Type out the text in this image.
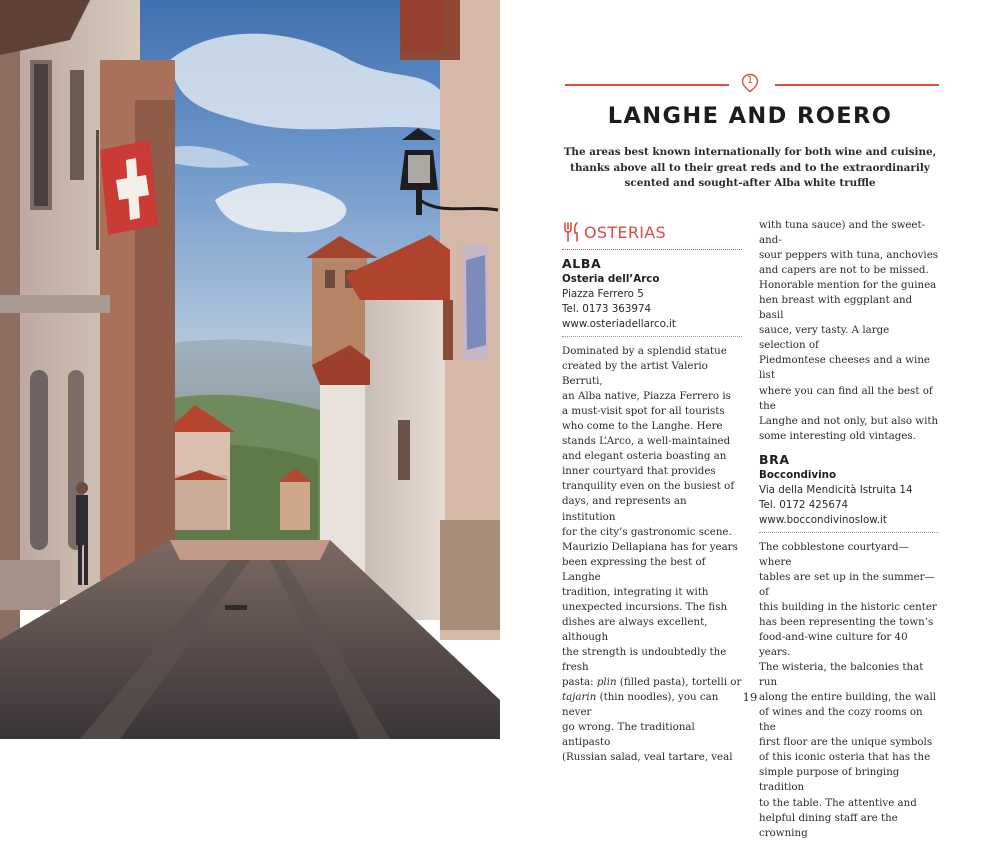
1
LANGHE AND ROERO

The areas best known internationally for both wine and cuisine, thanks above all to their great reds and to the extraordinarily scented and sought-after Alba white truffle

OSTERIAS

ALBA

Osteria dell’Arco

Piazza Ferrero 5

Tel. 0173 363974

www.osteriadellarco.it

Dominated by a splendid statue

created by the artist Valerio Berruti,

an Alba native, Piazza Ferrero is

a must-visit spot for all tourists

who come to the Langhe. Here

stands L’Arco, a well-maintained

and elegant osteria boasting an

inner courtyard that provides

tranquility even on the busiest of

days, and represents an institution

for the city’s gastronomic scene.

Maurizio Dellapiana has for years

been expressing the best of Langhe

tradition, integrating it with

unexpected incursions. The fish

dishes are always excellent, although

the strength is undoubtedly the fresh

pasta: plin (filled pasta), tortelli or

tajarin (thin noodles), you can never

go wrong. The traditional antipasto

(Russian salad, veal tartare, veal

with tuna sauce) and the sweet-and-

sour peppers with tuna, anchovies

and capers are not to be missed.

Honorable mention for the guinea

hen breast with eggplant and basil

sauce, very tasty. A large selection of

Piedmontese cheeses and a wine list

where you can find all the best of the

Langhe and not only, but also with

some interesting old vintages.

BRA

Boccondivino

Via della Mendicità Istruita 14

Tel. 0172 425674

www.boccondivinoslow.it

The cobblestone courtyard—where

tables are set up in the summer—of

this building in the historic center

has been representing the town’s

food-and-wine culture for 40 years.

The wisteria, the balconies that run

along the entire building, the wall

of wines and the cozy rooms on the

first floor are the unique symbols

of this iconic osteria that has the

simple purpose of bringing tradition

to the table. The attentive and

helpful dining staff are the crowning

19
